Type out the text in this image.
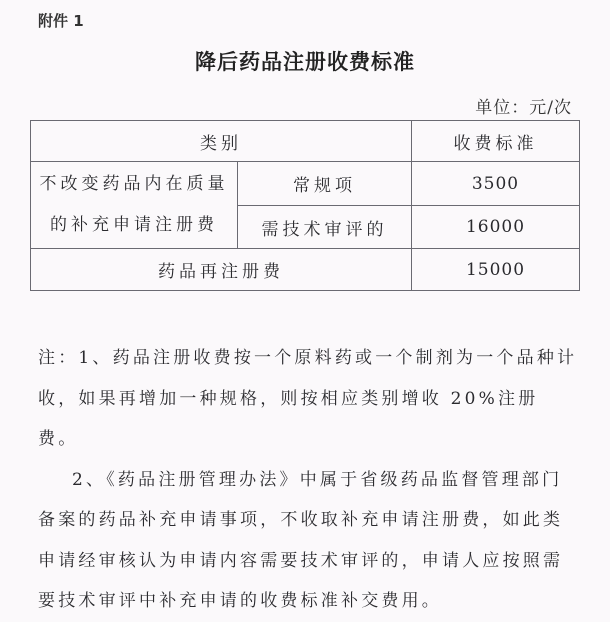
附件 1
降后药品注册收费标准
单位：元/次
类别		收费标准

不改变药品内在质量
的补充申请注册费	常规项	3500
	需技术审评的	16000
药品再注册费		15000

注：1、药品注册收费按一个原料药或一个制剂为一个品种计收，如果再增加一种规格，则按相应类别增收 20%注册费。

2、《药品注册管理办法》中属于省级药品监督管理部门备案的药品补充申请事项，不收取补充申请注册费，如此类申请经审核认为申请内容需要技术审评的，申请人应按照需要技术审评中补充申请的收费标准补交费用。
